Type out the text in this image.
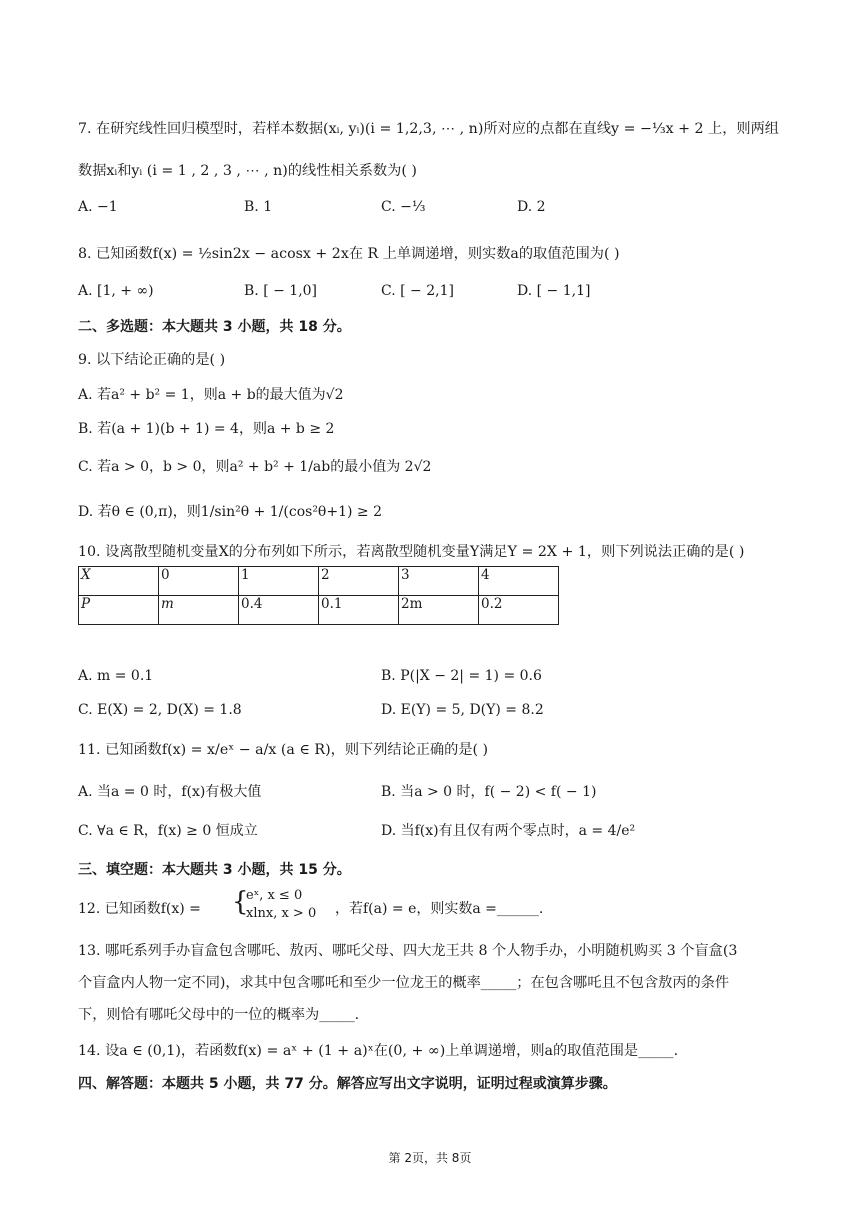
7. 在研究线性回归模型时，若样本数据(xᵢ, yᵢ)(i = 1,2,3, ⋯ , n)所对应的点都在直线y = −⅓x + 2 上，则两组
数据xᵢ和yᵢ (i = 1 , 2 , 3 , ⋯ , n)的线性相关系数为( )
A. −1	B. 1	C. −⅓	D. 2
8. 已知函数f(x) = ½sin2x − acosx + 2x在 R 上单调递增，则实数a的取值范围为( )
A. [1, + ∞)	B. [ − 1,0]	C. [ − 2,1]	D. [ − 1,1]
二、多选题：本大题共 3 小题，共 18 分。
9. 以下结论正确的是( )
A. 若a² + b² = 1，则a + b的最大值为√2
B. 若(a + 1)(b + 1) = 4，则a + b ≥ 2
C. 若a > 0，b > 0，则a² + b² + 1/ab的最小值为 2√2
D. 若θ ∈ (0,π)，则1/sin²θ + 1/(cos²θ+1) ≥ 2
10. 设离散型随机变量X的分布列如下所示，若离散型随机变量Y满足Y = 2X + 1，则下列说法正确的是( )
X	0	1	2	3	4
P	m	0.4	0.1	2m	0.2
A. m = 0.1	B. P(|X − 2| = 1) = 0.6
C. E(X) = 2, D(X) = 1.8	D. E(Y) = 5, D(Y) = 8.2
11. 已知函数f(x) = x/eˣ − a/x (a ∈ R)，则下列结论正确的是( )
A. 当a = 0 时，f(x)有极大值	B. 当a > 0 时，f( − 2) < f( − 1)
C. ∀a ∈ R，f(x) ≥ 0 恒成立	D. 当f(x)有且仅有两个零点时，a = 4/e²
三、填空题：本大题共 3 小题，共 15 分。
12. 已知函数f(x) = {
eˣ, x ≤ 0
xlnx, x > 0 ，若f(a) = e，则实数a =______.
13. 哪吒系列手办盲盒包含哪吒、敖丙、哪吒父母、四大龙王共 8 个人物手办，小明随机购买 3 个盲盒(3
个盲盒内人物一定不同)，求其中包含哪吒和至少一位龙王的概率_____；在包含哪吒且不包含敖丙的条件
下，则恰有哪吒父母中的一位的概率为_____.
14. 设a ∈ (0,1)，若函数f(x) = aˣ + (1 + a)ˣ在(0, + ∞)上单调递增，则a的取值范围是_____.
四、解答题：本题共 5 小题，共 77 分。解答应写出文字说明，证明过程或演算步骤。
第 2页，共 8页
